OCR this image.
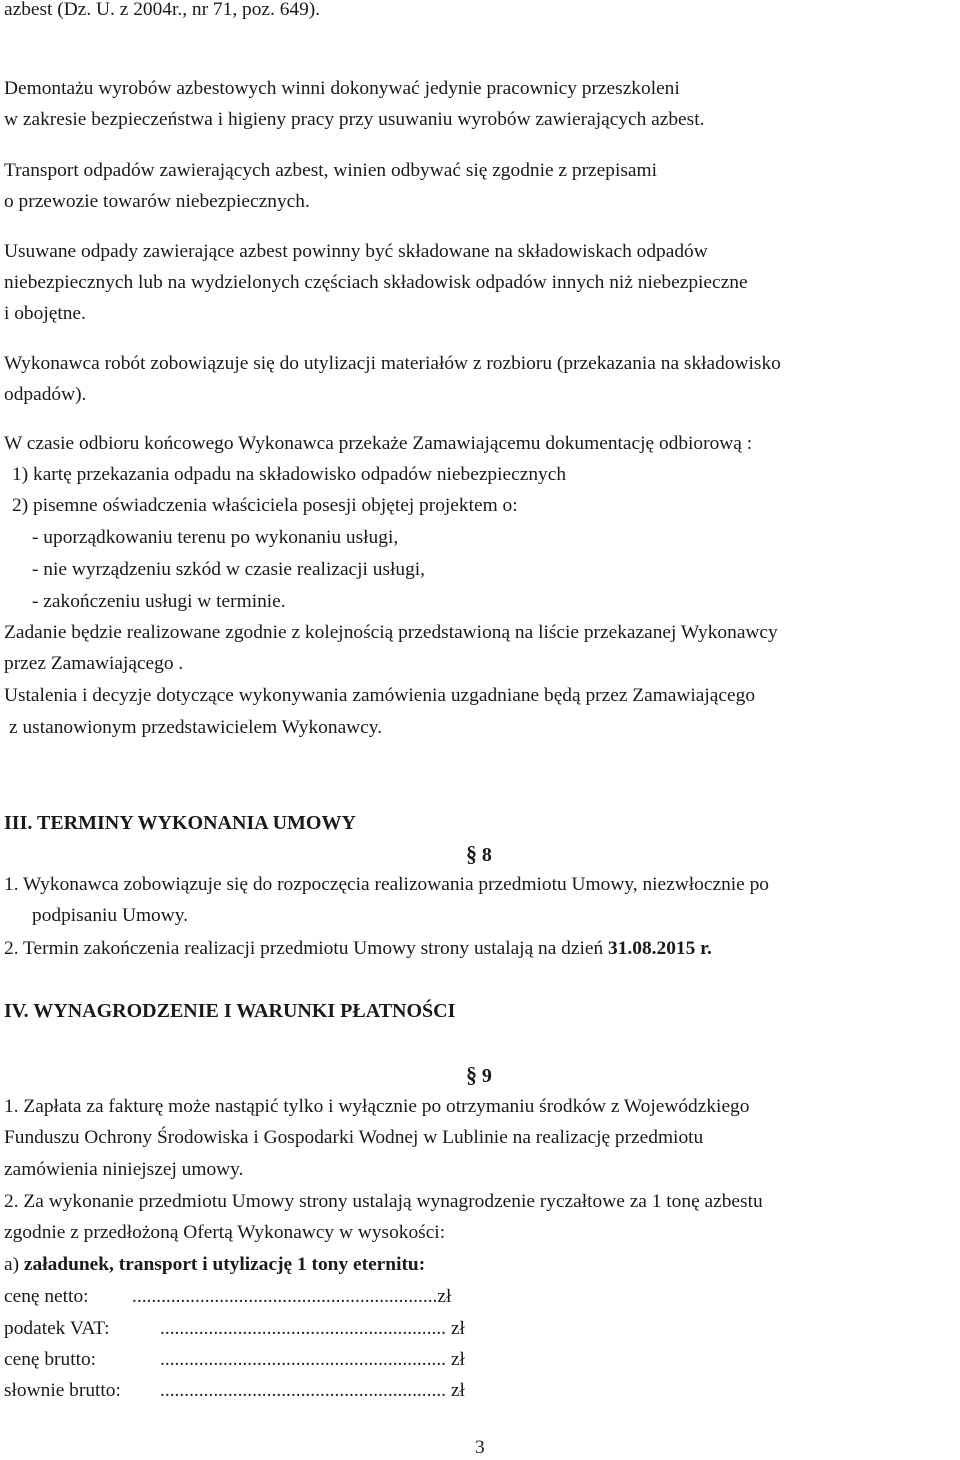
azbest (Dz. U. z 2004r., nr 71, poz. 649).
Demontażu wyrobów azbestowych winni dokonywać jedynie pracownicy przeszkoleni
w zakresie bezpieczeństwa i higieny pracy przy usuwaniu wyrobów zawierających azbest.
Transport odpadów zawierających azbest, winien odbywać się zgodnie z przepisami
o przewozie towarów niebezpiecznych.
Usuwane odpady zawierające azbest powinny być składowane na składowiskach odpadów
niebezpiecznych lub na wydzielonych częściach składowisk odpadów innych niż niebezpieczne
i obojętne.
Wykonawca robót zobowiązuje się do utylizacji materiałów z rozbioru (przekazania na składowisko
odpadów).
W czasie odbioru końcowego Wykonawca przekaże Zamawiającemu dokumentację odbiorową :
1) kartę przekazania odpadu na składowisko odpadów niebezpiecznych
2) pisemne oświadczenia właściciela posesji objętej projektem o:
- uporządkowaniu terenu po wykonaniu usługi,
- nie wyrządzeniu szkód w czasie realizacji usługi,
- zakończeniu usługi w terminie.
Zadanie będzie realizowane zgodnie z kolejnością przedstawioną na liście przekazanej Wykonawcy
przez Zamawiającego .
Ustalenia i decyzje dotyczące wykonywania zamówienia uzgadniane będą przez Zamawiającego
z ustanowionym przedstawicielem Wykonawcy.
III. TERMINY WYKONANIA UMOWY
§ 8
1. Wykonawca zobowiązuje się do rozpoczęcia realizowania przedmiotu Umowy, niezwłocznie po
podpisaniu Umowy.
2. Termin zakończenia realizacji przedmiotu Umowy strony ustalają na dzień 31.08.2015 r.
IV. WYNAGRODZENIE I WARUNKI PŁATNOŚCI
§ 9
1. Zapłata za fakturę może nastąpić tylko i wyłącznie po otrzymaniu środków z Wojewódzkiego
Funduszu Ochrony Środowiska i Gospodarki Wodnej w Lublinie na realizację przedmiotu
zamówienia niniejszej umowy.
2. Za wykonanie przedmiotu Umowy strony ustalają wynagrodzenie ryczałtowe za 1 tonę azbestu
zgodnie z przedłożoną Ofertą Wykonawcy w wysokości:
a) załadunek, transport i utylizację 1 tony eternitu:
cenę netto: ...............................................................zł
podatek VAT:	........................................................... zł
cenę brutto:	........................................................... zł
słownie brutto: ........................................................... zł
3
